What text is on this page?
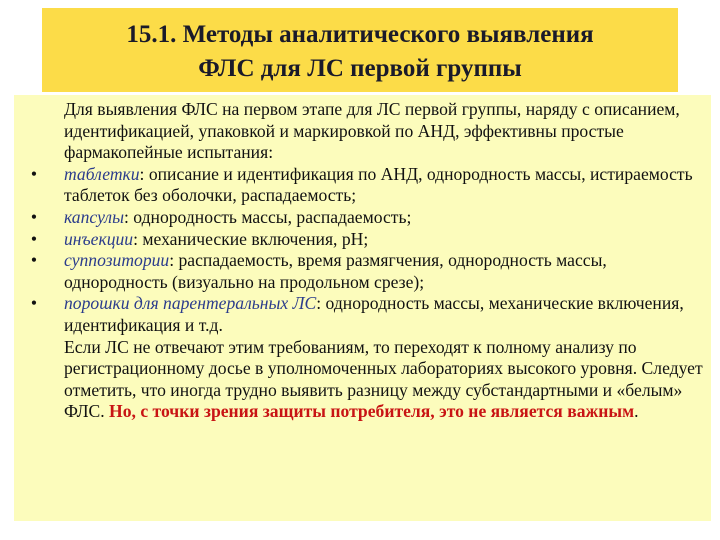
15.1. Методы аналитического выявления
ФЛС для ЛС первой группы

Для выявления ФЛС на первом этапе для ЛС первой группы, наряду с описанием, идентификацией, упаковкой и маркировкой по АНД, эффективны простые фармакопейные испытания:

• таблетки: описание и идентификация по АНД, однородность массы, истираемость таблеток без оболочки, распадаемость;
• капсулы: однородность массы, распадаемость;
• инъекции: механические включения, pH;
• суппозитории: распадаемость, время размягчения, однородность массы, однородность (визуально на продольном срезе);
• порошки для парентеральных ЛС: однородность массы, механические включения, идентификация и т.д.

Если ЛС не отвечают этим требованиям, то переходят к полному анализу по регистрационному досье в уполномоченных лабораториях высокого уровня. Следует отметить, что иногда трудно выявить разницу между субстандартными и «белым» ФЛС. Но, с точки зрения защиты потребителя, это не является важным.
